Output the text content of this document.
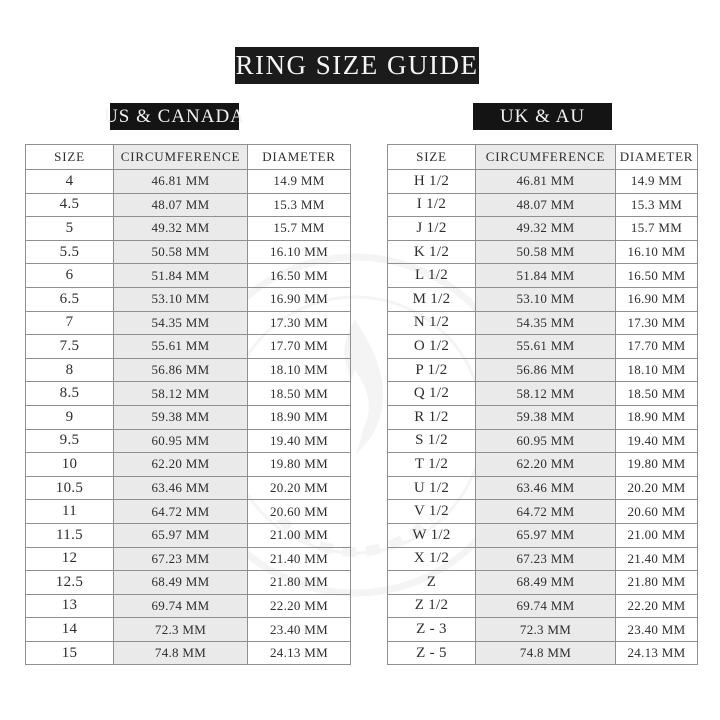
RING SIZE GUIDE
US & CANADA	UK & AU
SIZE	CIRCUMFERENCE	DIAMETER
4	46.81 MM	14.9 MM
4.5	48.07 MM	15.3 MM
5	49.32 MM	15.7 MM
5.5	50.58 MM	16.10 MM
6	51.84 MM	16.50 MM
6.5	53.10 MM	16.90 MM
7	54.35 MM	17.30 MM
7.5	55.61 MM	17.70 MM
8	56.86 MM	18.10 MM
8.5	58.12 MM	18.50 MM
9	59.38 MM	18.90 MM
9.5	60.95 MM	19.40 MM
10	62.20 MM	19.80 MM
10.5	63.46 MM	20.20 MM
11	64.72 MM	20.60 MM
11.5	65.97 MM	21.00 MM
12	67.23 MM	21.40 MM
12.5	68.49 MM	21.80 MM
13	69.74 MM	22.20 MM
14	72.3 MM	23.40 MM
15	74.8 MM	24.13 MM
SIZE	CIRCUMFERENCE	DIAMETER
H 1/2	46.81 MM	14.9 MM
I 1/2	48.07 MM	15.3 MM
J 1/2	49.32 MM	15.7 MM
K 1/2	50.58 MM	16.10 MM
L 1/2	51.84 MM	16.50 MM
M 1/2	53.10 MM	16.90 MM
N 1/2	54.35 MM	17.30 MM
O 1/2	55.61 MM	17.70 MM
P 1/2	56.86 MM	18.10 MM
Q 1/2	58.12 MM	18.50 MM
R 1/2	59.38 MM	18.90 MM
S 1/2	60.95 MM	19.40 MM
T 1/2	62.20 MM	19.80 MM
U 1/2	63.46 MM	20.20 MM
V 1/2	64.72 MM	20.60 MM
W 1/2	65.97 MM	21.00 MM
X 1/2	67.23 MM	21.40 MM
Z	68.49 MM	21.80 MM
Z 1/2	69.74 MM	22.20 MM
Z - 3	72.3 MM	23.40 MM
Z - 5	74.8 MM	24.13 MM
